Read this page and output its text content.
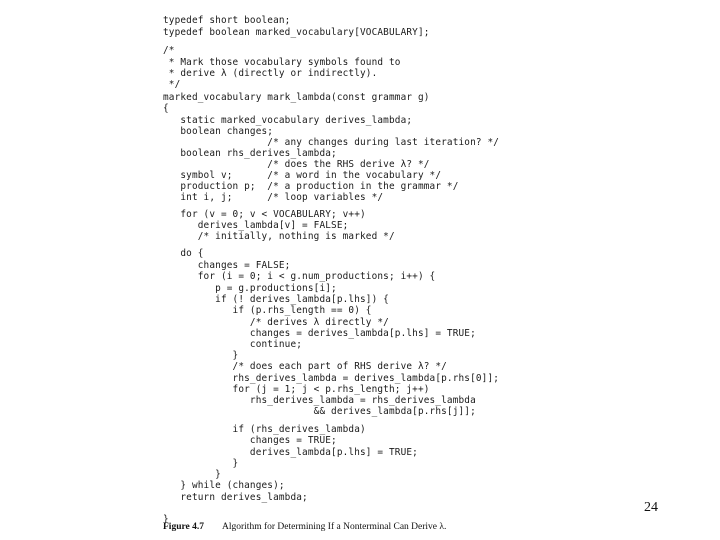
typedef short boolean;
typedef boolean marked_vocabulary[VOCABULARY];
/*
* Mark those vocabulary symbols found to
* derive λ (directly or indirectly).
*/
marked_vocabulary mark_lambda(const grammar g)
{
static marked_vocabulary derives_lambda;
boolean changes;
/* any changes during last iteration? */
boolean rhs_derives_lambda;
/* does the RHS derive λ? */
symbol v;      /* a word in the vocabulary */
production p;  /* a production in the grammar */
int i, j;      /* loop variables */
for (v = 0; v < VOCABULARY; v++)
derives_lambda[v] = FALSE;
/* initially, nothing is marked */
do {
changes = FALSE;
for (i = 0; i < g.num_productions; i++) {
p = g.productions[i];
if (! derives_lambda[p.lhs]) {
if (p.rhs_length == 0) {
/* derives λ directly */
changes = derives_lambda[p.lhs] = TRUE;
continue;
}
/* does each part of RHS derive λ? */
rhs_derives_lambda = derives_lambda[p.rhs[0]];
for (j = 1; j < p.rhs_length; j++)
rhs_derives_lambda = rhs_derives_lambda
&& derives_lambda[p.rhs[j]];
if (rhs_derives_lambda)
changes = TRUE;
derives_lambda[p.lhs] = TRUE;
}
}
} while (changes);
return derives_lambda;
}
24
Figure 4.7 Algorithm for Determining If a Nonterminal Can Derive λ.
